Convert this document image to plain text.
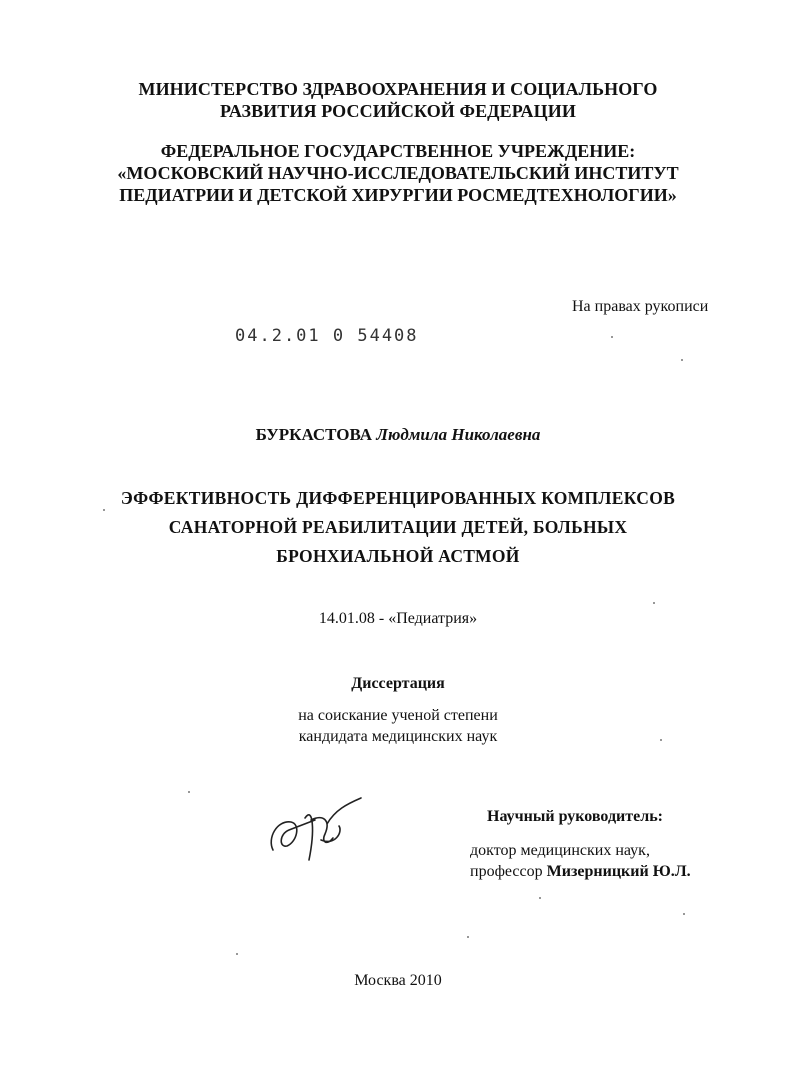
МИНИСТЕРСТВО ЗДРАВООХРАНЕНИЯ И СОЦИАЛЬНОГО
РАЗВИТИЯ РОССИЙСКОЙ ФЕДЕРАЦИИ
ФЕДЕРАЛЬНОЕ ГОСУДАРСТВЕННОЕ УЧРЕЖДЕНИЕ:
«МОСКОВСКИЙ НАУЧНО-ИССЛЕДОВАТЕЛЬСКИЙ ИНСТИТУТ
ПЕДИАТРИИ И ДЕТСКОЙ ХИРУРГИИ РОСМЕДТЕХНОЛОГИИ»
На правах рукописи
04.2.01 0 54408
БУРКАСТОВА Людмила Николаевна
ЭФФЕКТИВНОСТЬ ДИФФЕРЕНЦИРОВАННЫХ КОМПЛЕКСОВ
САНАТОРНОЙ РЕАБИЛИТАЦИИ ДЕТЕЙ, БОЛЬНЫХ
БРОНХИАЛЬНОЙ АСТМОЙ
14.01.08 - «Педиатрия»
Диссертация
на соискание ученой степени
кандидата медицинских наук
Научный руководитель:
доктор медицинских наук,
профессор Мизерницкий Ю.Л.
Москва 2010
